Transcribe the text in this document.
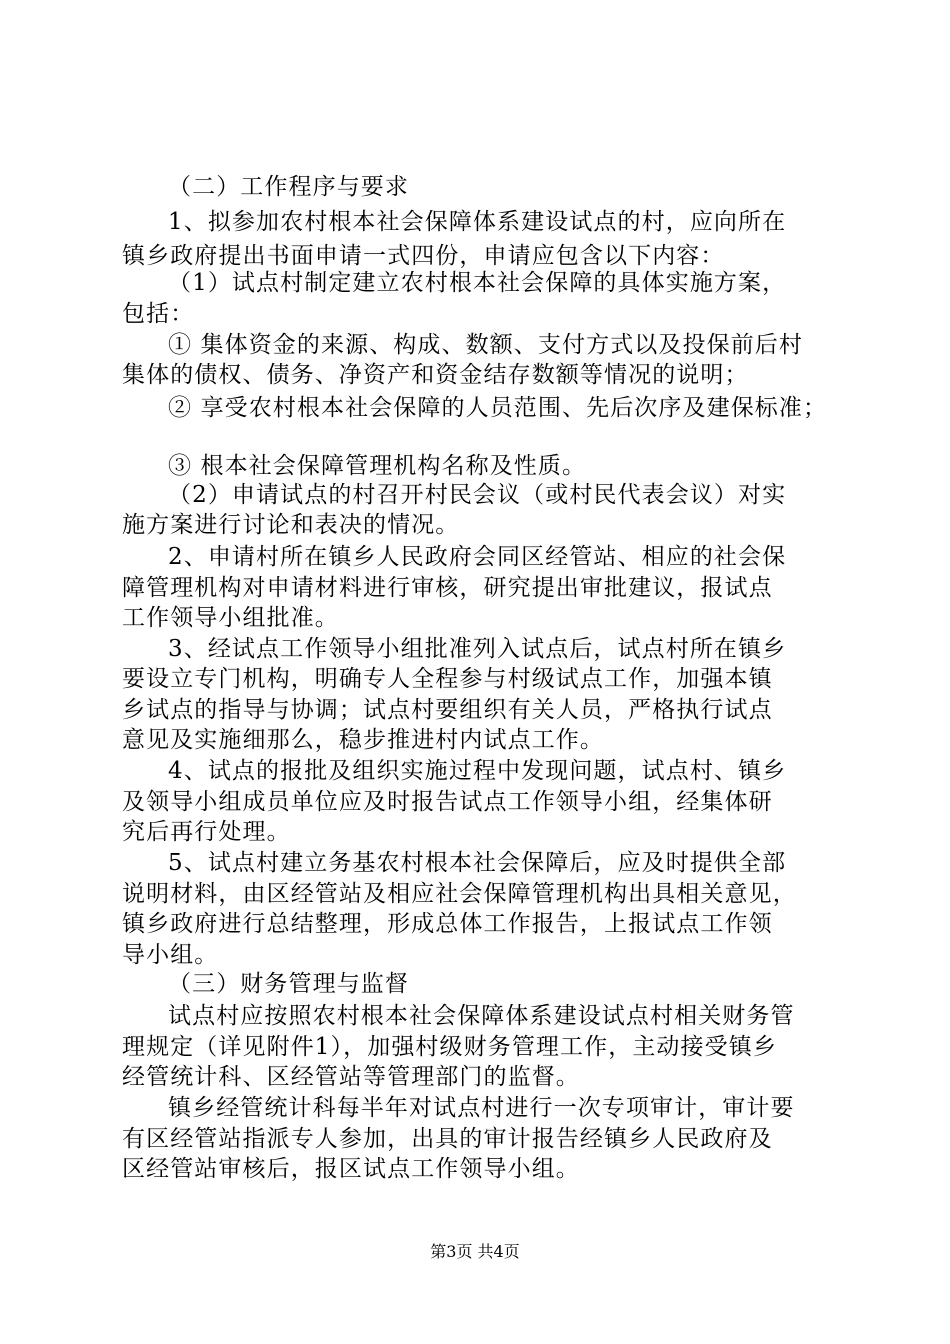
（二）工作程序与要求
1、拟参加农村根本社会保障体系建设试点的村，应向所在
镇乡政府提出书面申请一式四份，申请应包含以下内容：
（1）试点村制定建立农村根本社会保障的具体实施方案，
包括：
① 集体资金的来源、构成、数额、支付方式以及投保前后村
集体的债权、债务、净资产和资金结存数额等情况的说明；
② 享受农村根本社会保障的人员范围、先后次序及建保标准；
③ 根本社会保障管理机构名称及性质。
（2）申请试点的村召开村民会议（或村民代表会议）对实
施方案进行讨论和表决的情况。
2、申请村所在镇乡人民政府会同区经管站、相应的社会保
障管理机构对申请材料进行审核，研究提出审批建议，报试点
工作领导小组批准。
3、经试点工作领导小组批准列入试点后，试点村所在镇乡
要设立专门机构，明确专人全程参与村级试点工作，加强本镇
乡试点的指导与协调；试点村要组织有关人员，严格执行试点
意见及实施细那么，稳步推进村内试点工作。
4、试点的报批及组织实施过程中发现问题，试点村、镇乡
及领导小组成员单位应及时报告试点工作领导小组，经集体研
究后再行处理。
5、试点村建立务基农村根本社会保障后，应及时提供全部
说明材料，由区经管站及相应社会保障管理机构出具相关意见，
镇乡政府进行总结整理，形成总体工作报告，上报试点工作领
导小组。
（三）财务管理与监督
试点村应按照农村根本社会保障体系建设试点村相关财务管
理规定（详见附件1），加强村级财务管理工作，主动接受镇乡
经管统计科、区经管站等管理部门的监督。
镇乡经管统计科每半年对试点村进行一次专项审计，审计要
有区经管站指派专人参加，出具的审计报告经镇乡人民政府及
区经管站审核后，报区试点工作领导小组。
第3页 共4页
